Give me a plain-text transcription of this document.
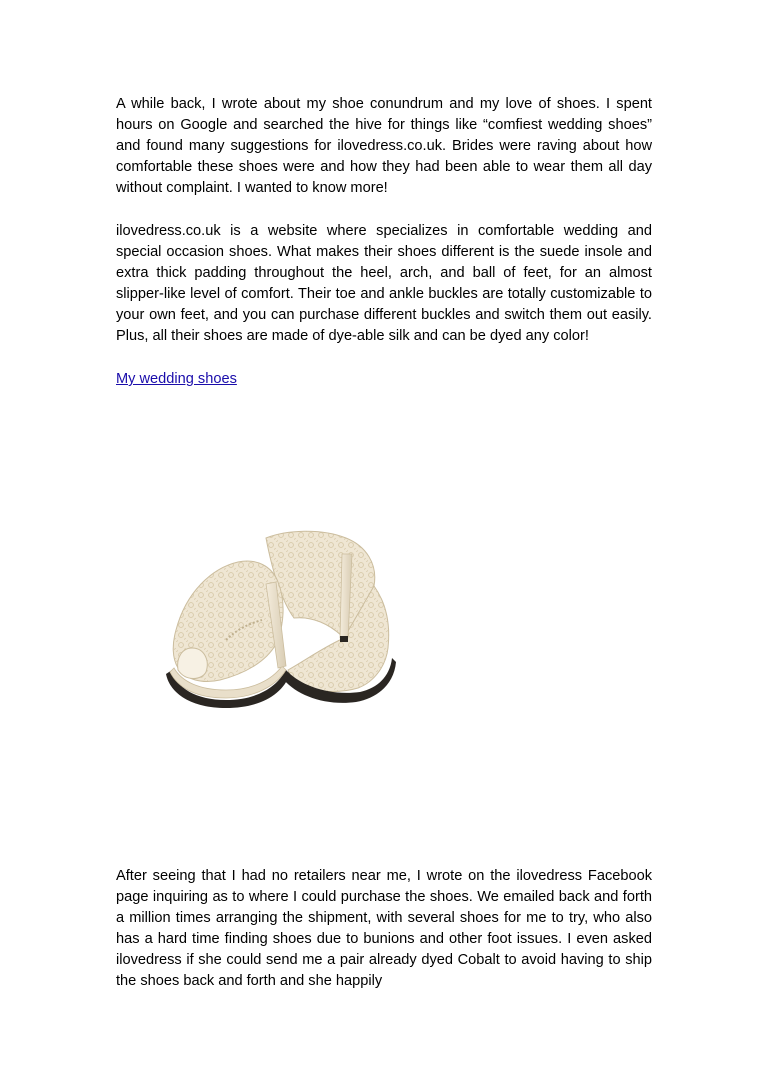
A while back, I wrote about my shoe conundrum and my love of shoes. I spent hours on Google and searched the hive for things like “comfiest wedding shoes” and found many suggestions for ilovedress.co.uk. Brides were raving about how comfortable these shoes were and how they had been able to wear them all day without complaint. I wanted to know more!

ilovedress.co.uk is a website where specializes in comfortable wedding and special occasion shoes. What makes their shoes different is the suede insole and extra thick padding throughout the heel, arch, and ball of feet, for an almost slipper-like level of comfort. Their toe and ankle buckles are totally customizable to your own feet, and you can purchase different buckles and switch them out easily. Plus, all their shoes are made of dye-able silk and can be dyed any color!

My wedding shoes

After seeing that I had no retailers near me, I wrote on the ilovedress Facebook page inquiring as to where I could purchase the shoes. We emailed back and forth a million times arranging the shipment, with several shoes for me to try, who also has a hard time finding shoes due to bunions and other foot issues. I even asked ilovedress if she could send me a pair already dyed Cobalt to avoid having to ship the shoes back and forth and she happily
